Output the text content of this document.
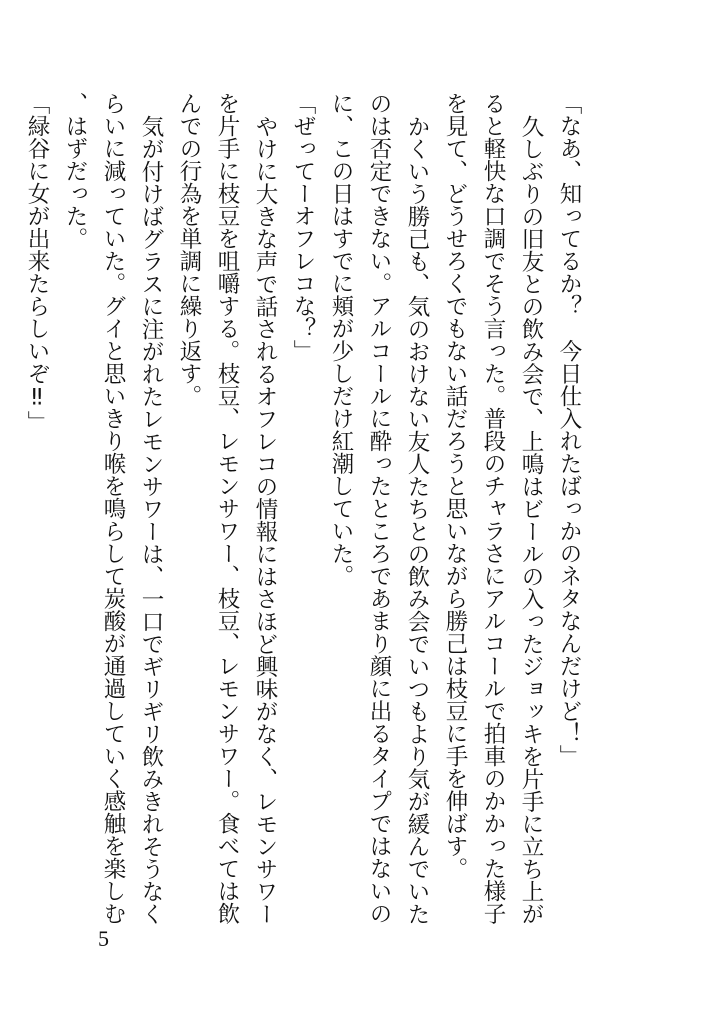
「なあ、知ってるか？　今日仕入れたばっかのネタなんだけど！」

久しぶりの旧友との飲み会で、上鳴はビールの入ったジョッキを片手に立ち上がると軽快な口調でそう言った。普段のチャラさにアルコールで拍車のかかった様子を見て、どうせろくでもない話だろうと思いながら勝己は枝豆に手を伸ばす。

かくいう勝己も、気のおけない友人たちとの飲み会でいつもより気が緩んでいたのは否定できない。アルコールに酔ったところであまり顔に出るタイプではないのに、この日はすでに頬が少しだけ紅潮していた。

「ぜってーオフレコな？」

やけに大きな声で話されるオフレコの情報にはさほど興味がなく、レモンサワーを片手に枝豆を咀嚼する。枝豆、レモンサワー、枝豆、レモンサワー。食べては飲んでの行為を単調に繰り返す。

気が付けばグラスに注がれたレモンサワーは、一口でギリギリ飲みきれそうなくらいに減っていた。グイと思いきり喉を鳴らして炭酸が通過していく感触を楽しむ、はずだった。

「緑谷に女が出来たらしいぞ‼」

5
